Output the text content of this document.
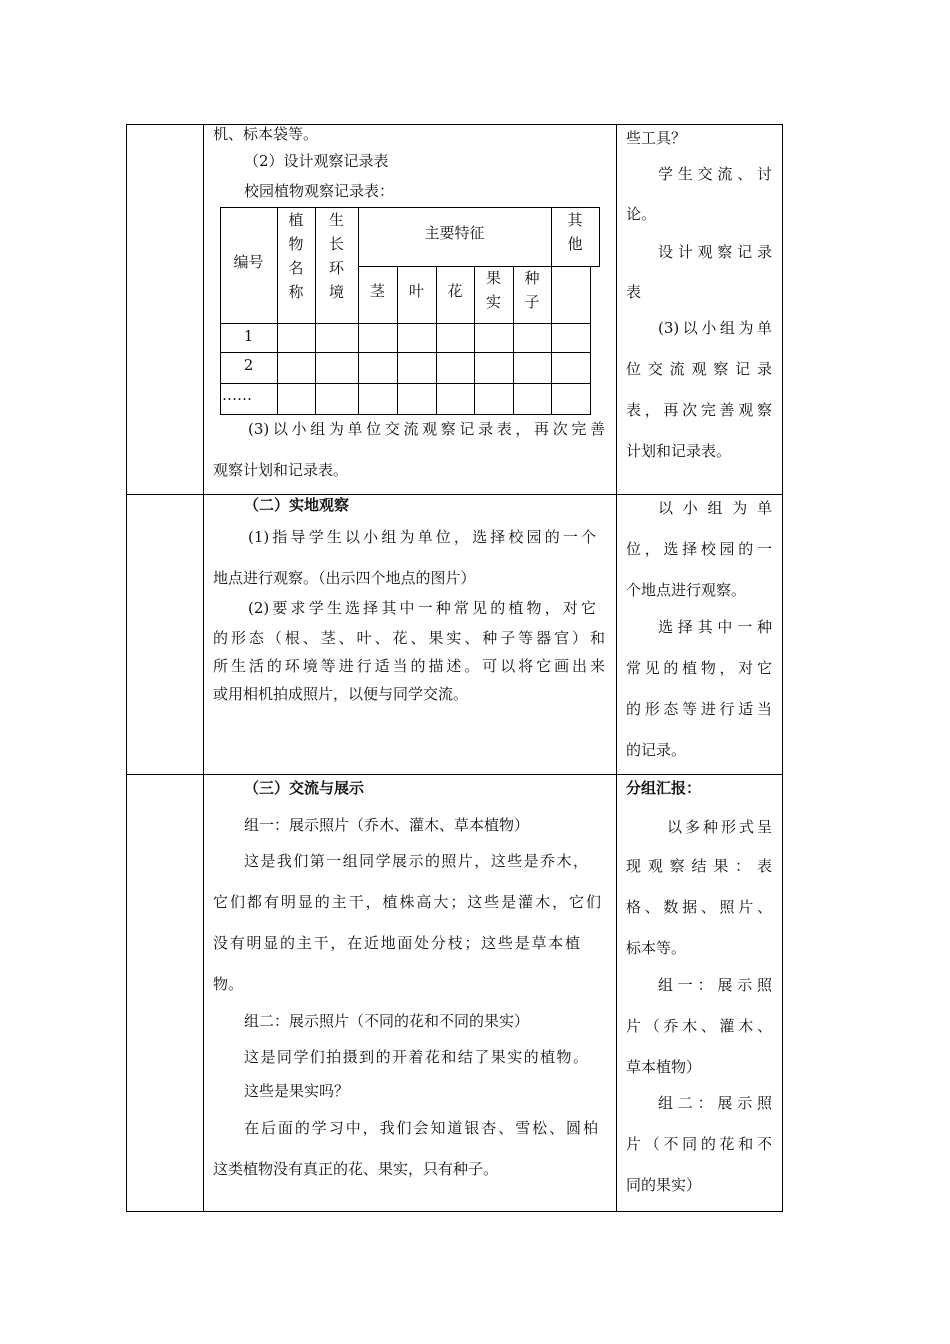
机、标本袋等。
（2）设计观察记录表
校园植物观察记录表：
编号
植
物
名
称
生
长
环
境
主要特征
其
他
茎	叶	花
果
实
种
子
1
2
……
(3)以小组为单位交流观察记录表，再次完善
观察计划和记录表。
些工具？
学生交流、讨
论。
设计观察记录
表
(3)以小组为单
位交流观察记录
表，再次完善观察
计划和记录表。
（二）实地观察
(1)指导学生以小组为单位，选择校园的一个
地点进行观察。（出示四个地点的图片）
(2)要求学生选择其中一种常见的植物，对它
的形态（根、茎、叶、花、果实、种子等器官）和
所生活的环境等进行适当的描述。可以将它画出来
或用相机拍成照片，以便与同学交流。
以小组为单
位，选择校园的一
个地点进行观察。
选择其中一种
常见的植物，对它
的形态等进行适当
的记录。
（三）交流与展示
组一：展示照片（乔木、灌木、草本植物）
这是我们第一组同学展示的照片，这些是乔木，
它们都有明显的主干，植株高大；这些是灌木，它们
没有明显的主干，在近地面处分枝；这些是草本植
物。
组二：展示照片（不同的花和不同的果实）
这是同学们拍摄到的开着花和结了果实的植物。
这些是果实吗？
在后面的学习中，我们会知道银杏、雪松、圆柏
这类植物没有真正的花、果实，只有种子。
分组汇报：
以多种形式呈
现观察结果：表
格、数据、照片、
标本等。
组一：展示照
片（乔木、灌木、
草本植物）
组二：展示照
片（不同的花和不
同的果实）
